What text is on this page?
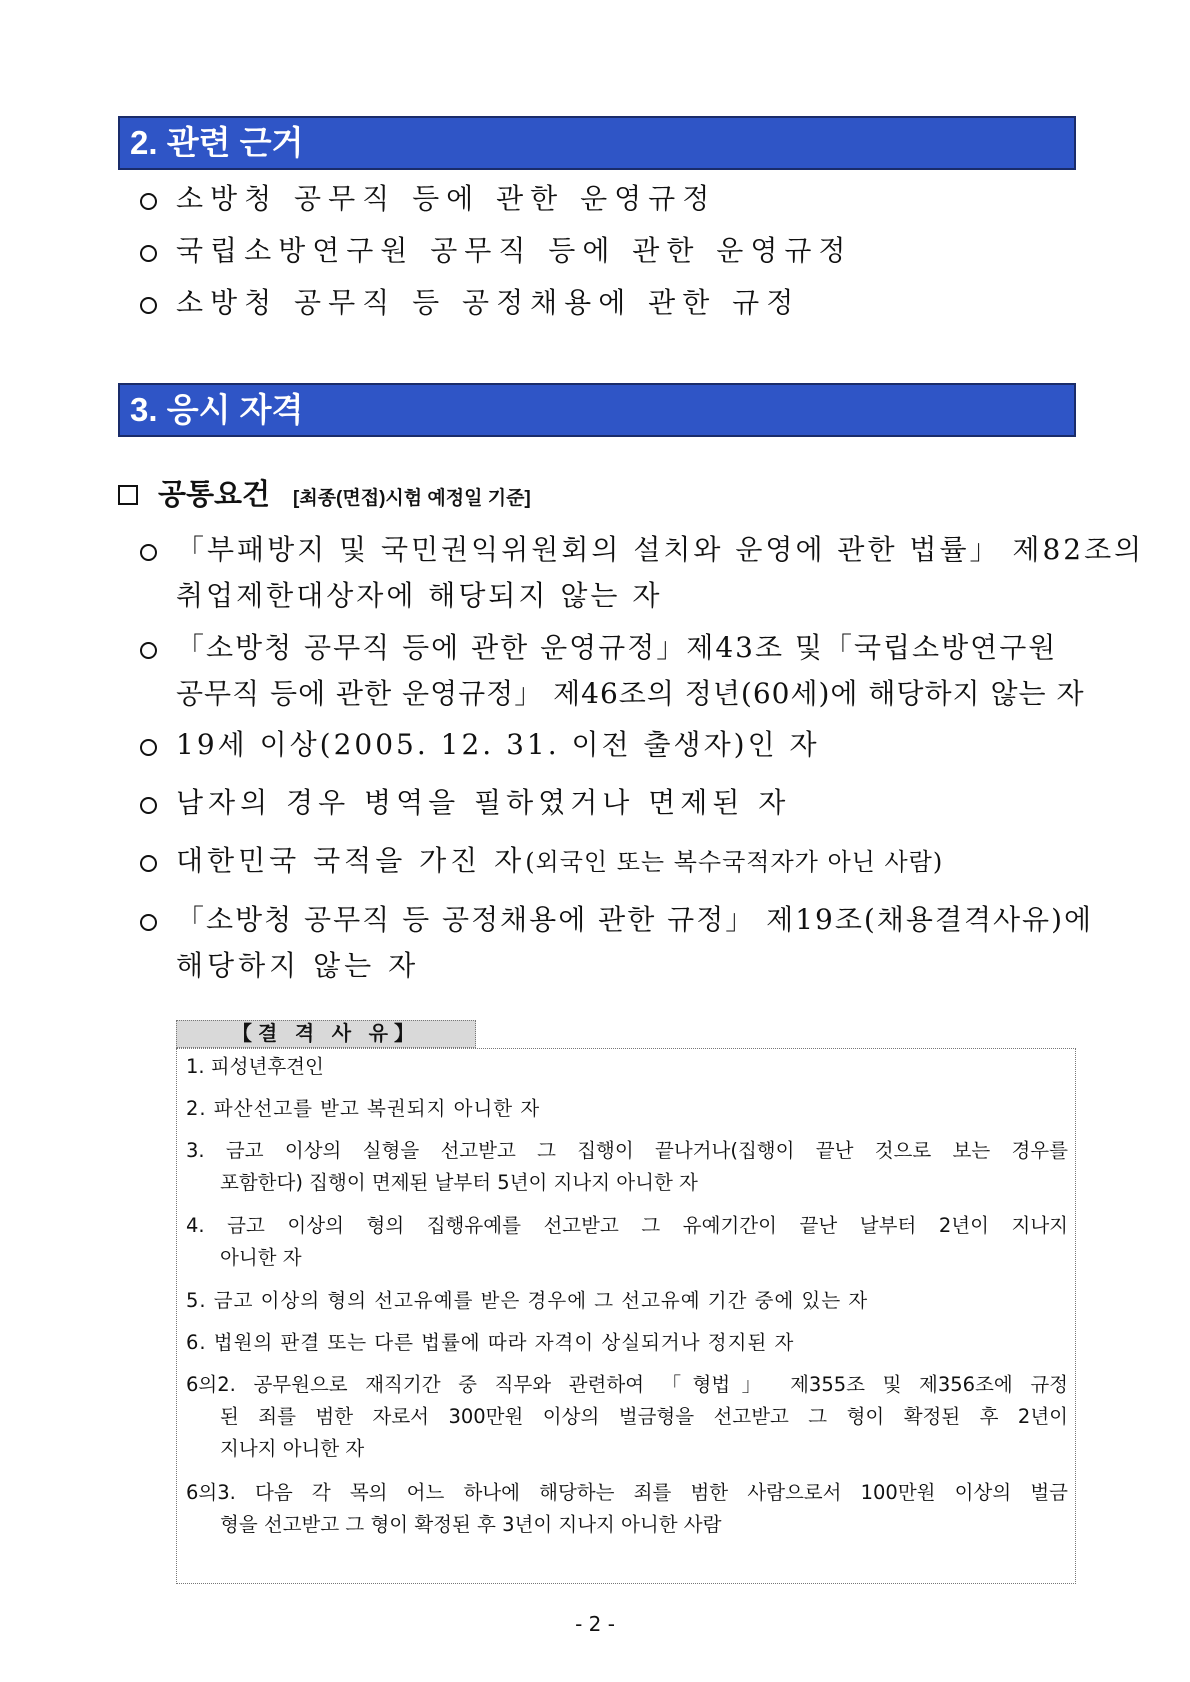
2. 관련 근거
소방청 공무직 등에 관한 운영규정
국립소방연구원 공무직 등에 관한 운영규정
소방청 공무직 등 공정채용에 관한 규정
3. 응시 자격
공통요건 [최종(면접)시험 예정일 기준]
「부패방지 및 국민권익위원회의 설치와 운영에 관한 법률」 제82조의
취업제한대상자에 해당되지 않는 자
「소방청 공무직 등에 관한 운영규정」제43조 및「국립소방연구원
공무직 등에 관한 운영규정」 제46조의 정년(60세)에 해당하지 않는 자
19세 이상(2005. 12. 31. 이전 출생자)인 자
남자의 경우 병역을 필하였거나 면제된 자
대한민국 국적을 가진 자(외국인 또는 복수국적자가 아닌 사람)
「소방청 공무직 등 공정채용에 관한 규정」 제19조(채용결격사유)에
해당하지 않는 자
【결 격 사 유】
1. 피성년후견인
2. 파산선고를 받고 복권되지 아니한 자
3. 금고 이상의 실형을 선고받고 그 집행이 끝나거나(집행이 끝난 것으로 보는 경우를
포함한다) 집행이 면제된 날부터 5년이 지나지 아니한 자
4. 금고 이상의 형의 집행유예를 선고받고 그 유예기간이 끝난 날부터 2년이 지나지
아니한 자
5. 금고 이상의 형의 선고유예를 받은 경우에 그 선고유예 기간 중에 있는 자
6. 법원의 판결 또는 다른 법률에 따라 자격이 상실되거나 정지된 자
6의2. 공무원으로 재직기간 중 직무와 관련하여 「형법」 제355조 및 제356조에 규정
된 죄를 범한 자로서 300만원 이상의 벌금형을 선고받고 그 형이 확정된 후 2년이
지나지 아니한 자
6의3. 다음 각 목의 어느 하나에 해당하는 죄를 범한 사람으로서 100만원 이상의 벌금
형을 선고받고 그 형이 확정된 후 3년이 지나지 아니한 사람
- 2 -
